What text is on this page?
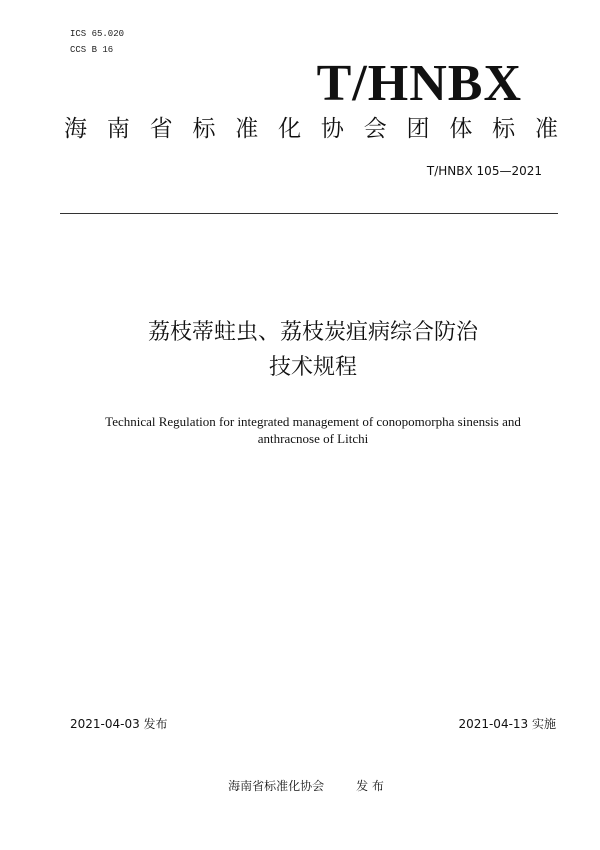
ICS 65.020
CCS B 16
T/HNBX
海 南 省 标 准 化 协 会 团 体 标 准
T/HNBX 105—2021
荔枝蒂蛀虫、荔枝炭疽病综合防治
技术规程
Technical Regulation for integrated management of conopomorpha sinensis and
anthracnose of Litchi
2021-04-03 发布	2021-04-13 实施
海南省标准化协会	发 布
